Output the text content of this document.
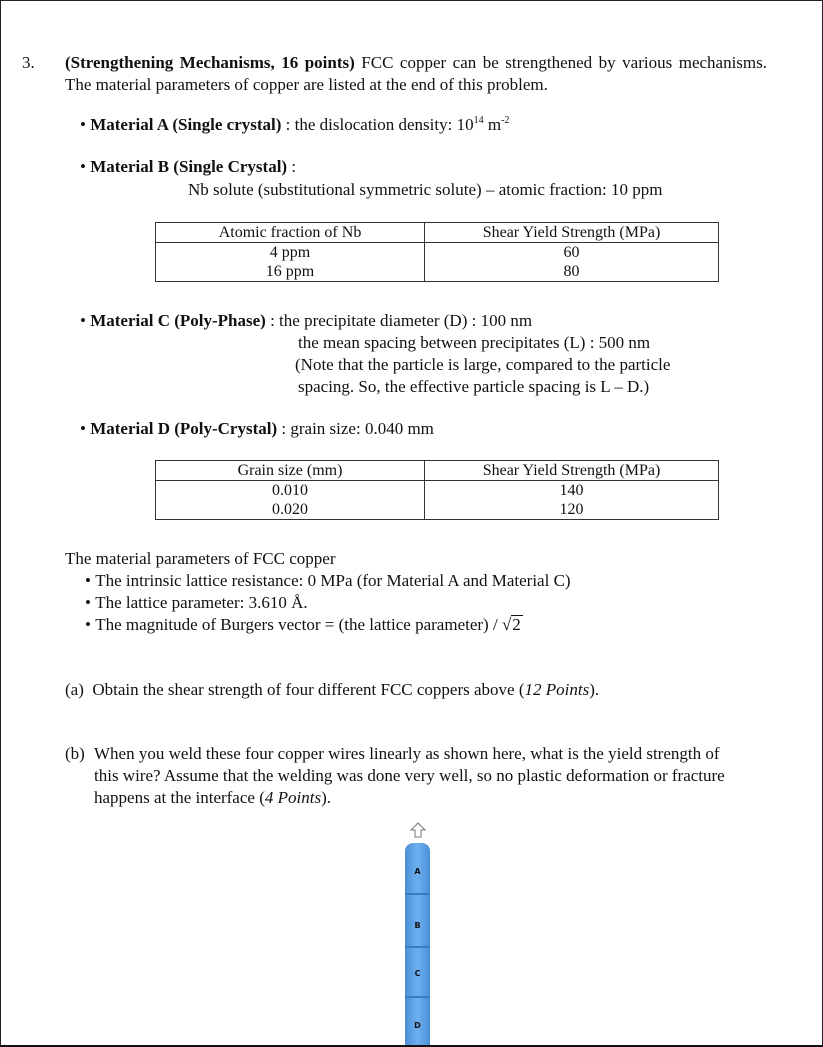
3. (Strengthening Mechanisms, 16 points) FCC copper can be strengthened by various mechanisms. The material parameters of copper are listed at the end of this problem.
• Material A (Single crystal) : the dislocation density: $10^{14}$ $m^{-2}$
• Material B (Single Crystal) :
Nb solute (substitutional symmetric solute) – atomic fraction: 10 ppm
Atomic fraction of Nb	Shear Yield Strength (MPa)
4 ppm	60
16 ppm	80
• Material C (Poly-Phase) : the precipitate diameter (D) : 100 nm
the mean spacing between precipitates (L) : 500 nm
(Note that the particle is large, compared to the particle
spacing. So, the effective particle spacing is L – D.)
• Material D (Poly-Crystal) : grain size: 0.040 mm
Grain size (mm)	Shear Yield Strength (MPa)
0.010	140
0.020	120
The material parameters of FCC copper
• The intrinsic lattice resistance: 0 MPa (for Material A and Material C)
• The lattice parameter: 3.610 Å.
• The magnitude of Burgers vector = (the lattice parameter) / √2
(a) Obtain the shear strength of four different FCC coppers above (12 Points).
(b) When you weld these four copper wires linearly as shown here, what is the yield strength of
this wire? Assume that the welding was done very well, so no plastic deformation or fracture
happens at the interface (4 Points).
A
B
C
D
